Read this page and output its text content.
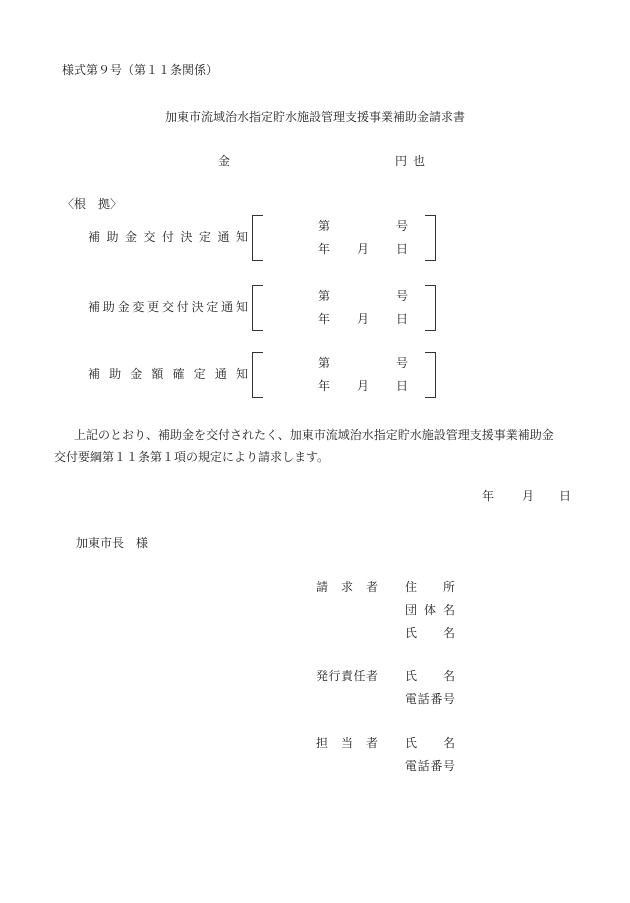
様式第９号（第１１条関係）
加東市流域治水指定貯水施設管理支援事業補助金請求書
金	円也
〈根　拠〉
補助金交付決定通知
第	号
年 月 日
補助金変更交付決定通知
第	号
年 月 日
補助金額確定通知
第	号
年 月 日
上記のとおり、補助金を交付されたく、加東市流域治水指定貯水施設管理支援事業補助金
交付要綱第１１条第１項の規定により請求します。
年 月 日
加東市長　様
請求者 住所
団体名
氏名
発行責任者 氏名
電話番号
担当者 氏名
電話番号
